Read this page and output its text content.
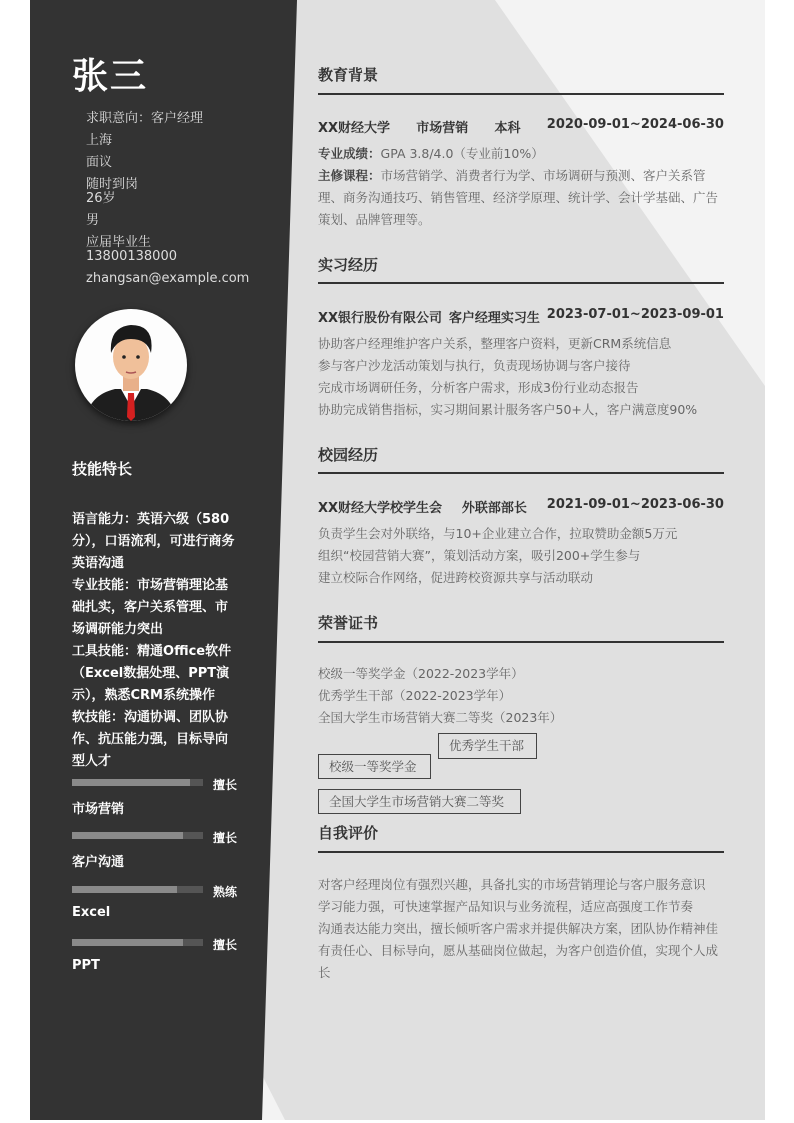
张三
求职意向：客户经理
上海
面议
随时到岗
26岁
男
应届毕业生
13800138000
zhangsan@example.com
技能特长
语言能力：英语六级（580分），口语流利，可进行商务英语沟通
专业技能：市场营销理论基础扎实，客户关系管理、市场调研能力突出
工具技能：精通Office软件（Excel数据处理、PPT演示），熟悉CRM系统操作
软技能：沟通协调、团队协作、抗压能力强，目标导向型人才
擅长
市场营销
擅长
客户沟通
熟练
Excel
擅长
PPT
教育背景
XX财经大学 市场营销 本科 2020-09-01~2024-06-30
专业成绩：GPA 3.8/4.0（专业前10%）
主修课程：市场营销学、消费者行为学、市场调研与预测、客户关系管理、商务沟通技巧、销售管理、经济学原理、统计学、会计学基础、广告策划、品牌管理等。
实习经历
XX银行股份有限公司 客户经理实习生 2023-07-01~2023-09-01
协助客户经理维护客户关系，整理客户资料，更新CRM系统信息
参与客户沙龙活动策划与执行，负责现场协调与客户接待
完成市场调研任务，分析客户需求，形成3份行业动态报告
协助完成销售指标，实习期间累计服务客户50+人，客户满意度90%
校园经历
XX财经大学校学生会 外联部部长 2021-09-01~2023-06-30
负责学生会对外联络，与10+企业建立合作，拉取赞助金额5万元
组织“校园营销大赛”，策划活动方案，吸引200+学生参与
建立校际合作网络，促进跨校资源共享与活动联动
荣誉证书
校级一等奖学金（2022-2023学年）
优秀学生干部（2022-2023学年）
全国大学生市场营销大赛二等奖（2023年）
校级一等奖学金
优秀学生干部
全国大学生市场营销大赛二等奖
自我评价
对客户经理岗位有强烈兴趣，具备扎实的市场营销理论与客户服务意识
学习能力强，可快速掌握产品知识与业务流程，适应高强度工作节奏
沟通表达能力突出，擅长倾听客户需求并提供解决方案，团队协作精神佳
有责任心、目标导向，愿从基础岗位做起，为客户创造价值，实现个人成长
